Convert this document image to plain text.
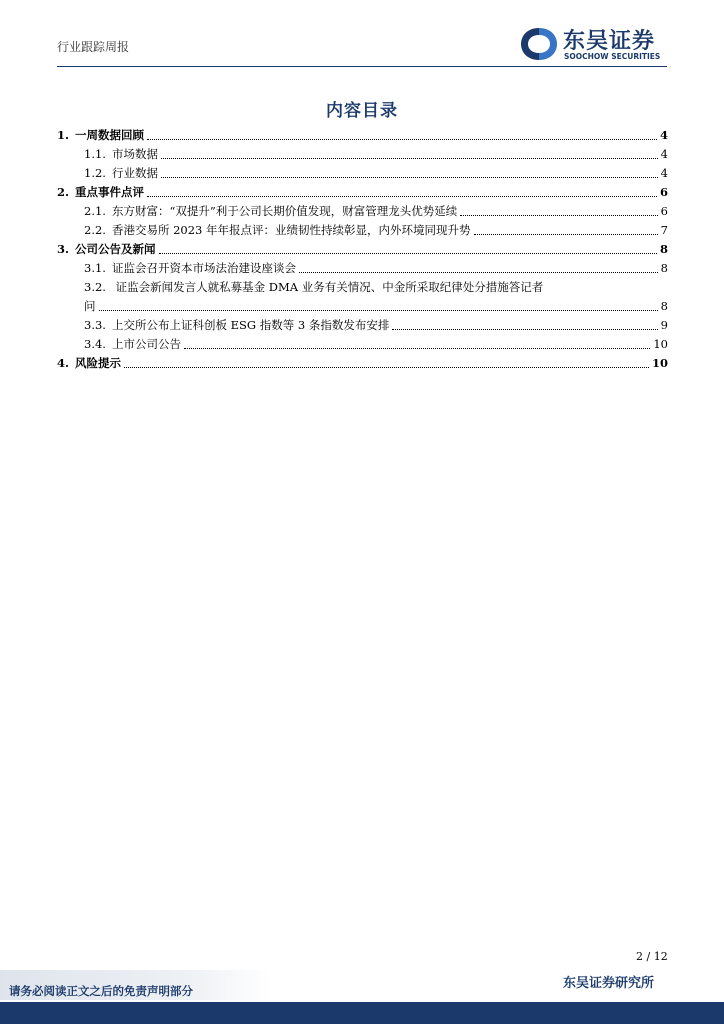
行业跟踪周报	东吴证券
SOOCHOW SECURITIES
内容目录
1. 一周数据回顾	4
1.1. 市场数据	4
1.2. 行业数据	4
2. 重点事件点评	6
2.1. 东方财富：“双提升”利于公司长期价值发现，财富管理龙头优势延续	6
2.2. 香港交易所 2023 年年报点评：业绩韧性持续彰显，内外环境同现升势	7
3. 公司公告及新闻	8
3.1. 证监会召开资本市场法治建设座谈会	8
3.2. 证监会新闻发言人就私募基金 DMA 业务有关情况、中金所采取纪律处分措施答记者
问	8
3.3. 上交所公布上证科创板 ESG 指数等 3 条指数发布安排	9
3.4. 上市公司公告	10
4. 风险提示	10
2 / 12
请务必阅读正文之后的免责声明部分	东吴证券研究所
